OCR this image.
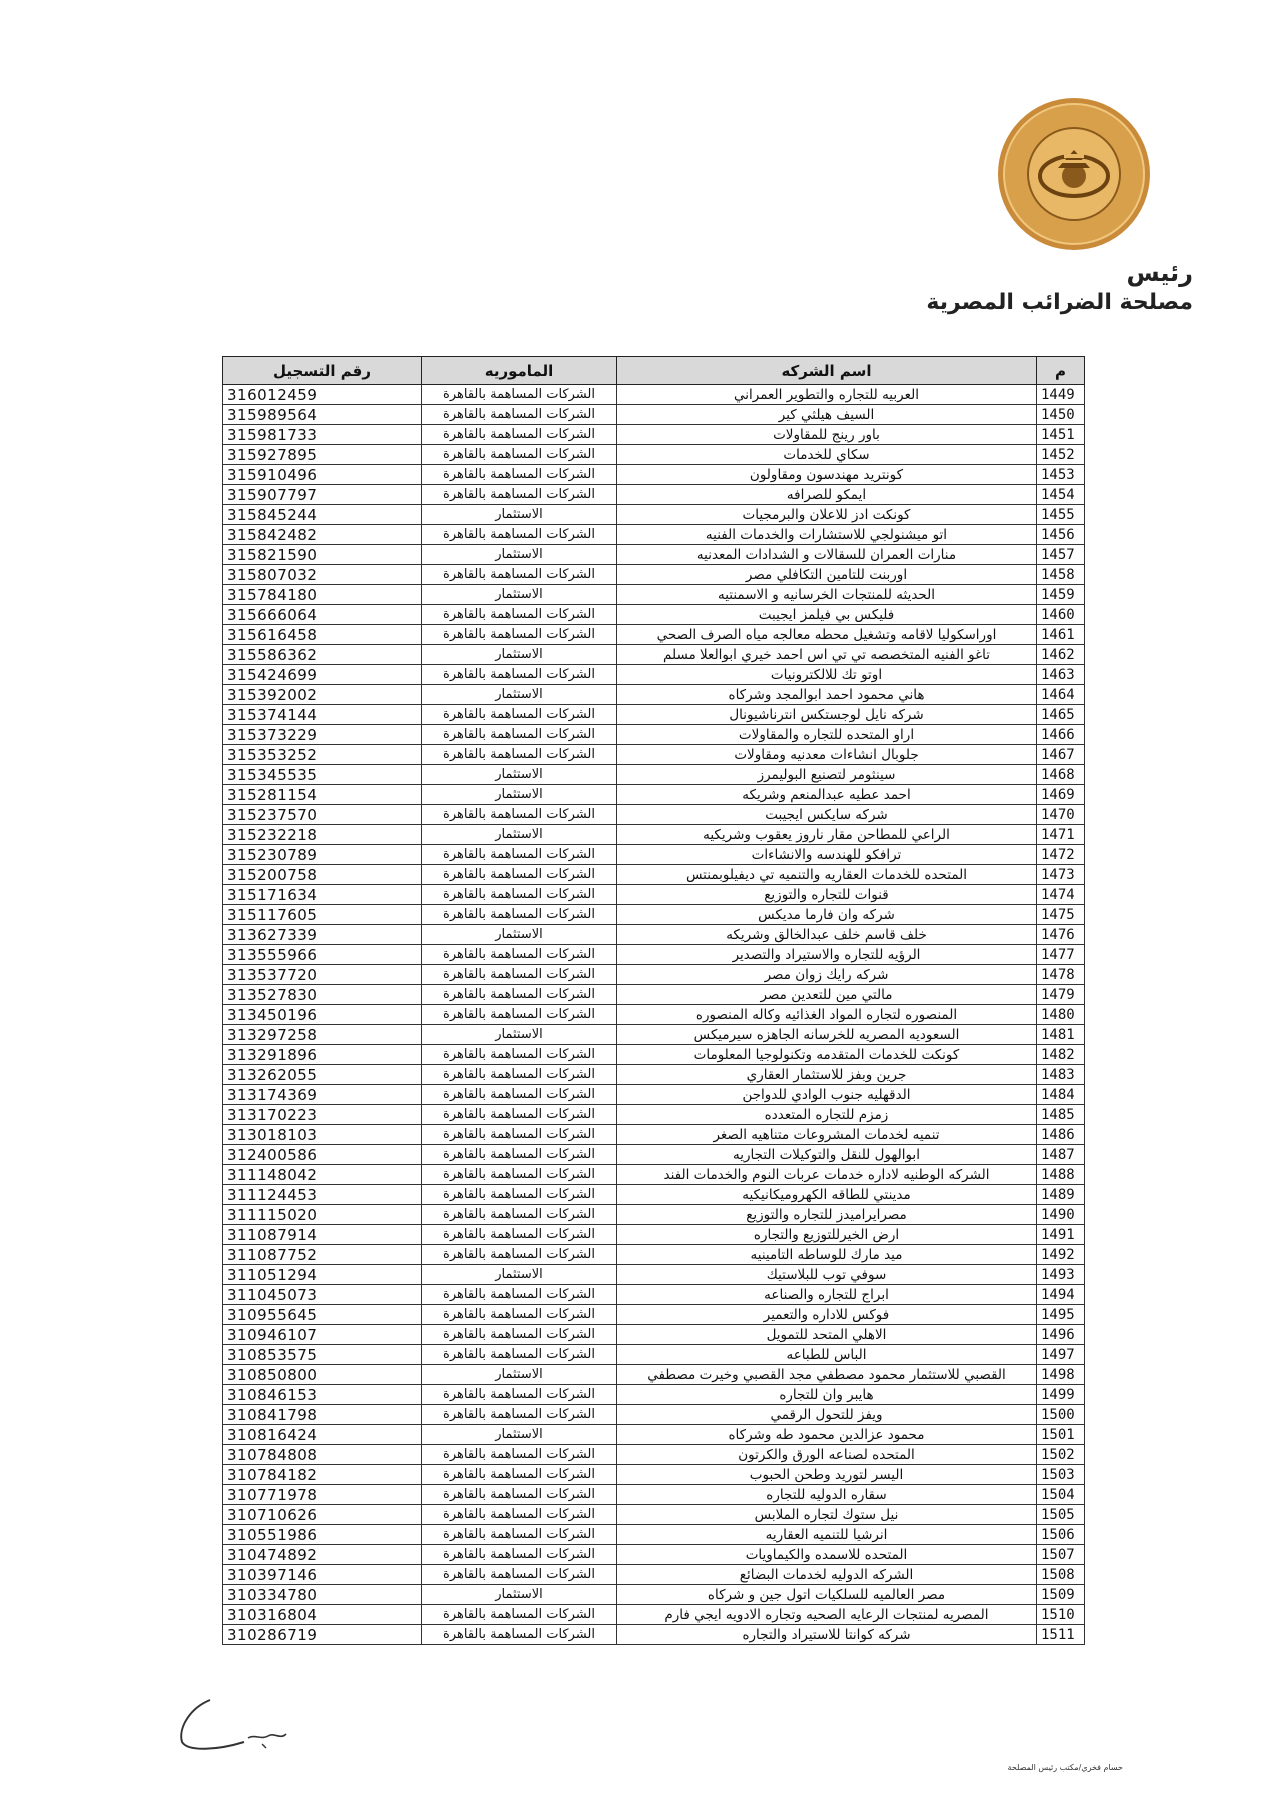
رئيس
مصلحة الضرائب المصرية
م	اسم الشركه	الماموريه	رقم التسجيل
1449	العربيه للتجاره والتطوير العمراني	الشركات المساهمة بالقاهرة	316012459
1450	السيف هيلثي كير	الشركات المساهمة بالقاهرة	315989564
1451	باور رينج للمقاولات	الشركات المساهمة بالقاهرة	315981733
1452	سكاي للخدمات	الشركات المساهمة بالقاهرة	315927895
1453	كونتريد مهندسون ومقاولون	الشركات المساهمة بالقاهرة	315910496
1454	ايمكو للصرافه	الشركات المساهمة بالقاهرة	315907797
1455	كونكت ادز للاعلان والبرمجيات	الاستثمار	315845244
1456	اتو ميشنولجي للاستشارات والخدمات الفنيه	الشركات المساهمة بالقاهرة	315842482
1457	منارات العمران للسقالات و الشدادات المعدنيه	الاستثمار	315821590
1458	اوربنت للتامين التكافلي مصر	الشركات المساهمة بالقاهرة	315807032
1459	الحديثه للمنتجات الخرسانيه و الاسمنتيه	الاستثمار	315784180
1460	فليكس بي فيلمز ايجيبت	الشركات المساهمة بالقاهرة	315666064
1461	اوراسكوليا لاقامه وتشغيل محطه معالجه مياه الصرف الصحي	الشركات المساهمة بالقاهرة	315616458
1462	تاغو الفنيه المتخصصه تي تي اس احمد خيري ابوالعلا مسلم	الاستثمار	315586362
1463	اوتو تك للالكترونيات	الشركات المساهمة بالقاهرة	315424699
1464	هاني محمود احمد ابوالمجد وشركاه	الاستثمار	315392002
1465	شركه نايل لوجستكس انترناشيونال	الشركات المساهمة بالقاهرة	315374144
1466	اراو المتحده للتجاره والمقاولات	الشركات المساهمة بالقاهرة	315373229
1467	جلوبال انشاءات معدنيه ومقاولات	الشركات المساهمة بالقاهرة	315353252
1468	سينثومر لتصنيع البوليمرز	الاستثمار	315345535
1469	احمد عطيه عبدالمنعم وشريكه	الاستثمار	315281154
1470	شركه سايكس ايجيبت	الشركات المساهمة بالقاهرة	315237570
1471	الراعي للمطاحن مقار ناروز يعقوب وشريكيه	الاستثمار	315232218
1472	ترافكو للهندسه والانشاءات	الشركات المساهمة بالقاهرة	315230789
1473	المتحده للخدمات العقاريه والتنميه تي ديفيلوبمنتس	الشركات المساهمة بالقاهرة	315200758
1474	قنوات للتجاره والتوزيع	الشركات المساهمة بالقاهرة	315171634
1475	شركه وان فارما مديكس	الشركات المساهمة بالقاهرة	315117605
1476	خلف قاسم خلف عبدالخالق وشريكه	الاستثمار	313627339
1477	الرؤيه للتجاره والاستيراد والتصدير	الشركات المساهمة بالقاهرة	313555966
1478	شركه رايك زوان مصر	الشركات المساهمة بالقاهرة	313537720
1479	مالتي مين للتعدين مصر	الشركات المساهمة بالقاهرة	313527830
1480	المنصوره لتجاره المواد الغذائيه وكاله المنصوره	الشركات المساهمة بالقاهرة	313450196
1481	السعوديه المصريه للخرسانه الجاهزه سيرميكس	الاستثمار	313297258
1482	كونكت للخدمات المتقدمه وتكنولوجيا المعلومات	الشركات المساهمة بالقاهرة	313291896
1483	جرين وبفز للاستثمار العقاري	الشركات المساهمة بالقاهرة	313262055
1484	الدقهليه جنوب الوادي للدواجن	الشركات المساهمة بالقاهرة	313174369
1485	زمزم للتجاره المتعدده	الشركات المساهمة بالقاهرة	313170223
1486	تنميه لخدمات المشروعات متناهيه الصغر	الشركات المساهمة بالقاهرة	313018103
1487	ابوالهول للنقل والتوكيلات التجاريه	الشركات المساهمة بالقاهرة	312400586
1488	الشركه الوطنيه لاداره خدمات عربات النوم والخدمات الفند	الشركات المساهمة بالقاهرة	311148042
1489	مدينتي للطاقه الكهروميكانيكيه	الشركات المساهمة بالقاهرة	311124453
1490	مصرايراميدز للتجاره والتوزيع	الشركات المساهمة بالقاهرة	311115020
1491	ارض الخيرللتوزيع والتجاره	الشركات المساهمة بالقاهرة	311087914
1492	ميد مارك للوساطه التامينيه	الشركات المساهمة بالقاهرة	311087752
1493	سوفي توب للبلاستيك	الاستثمار	311051294
1494	ابراج للتجاره والصناعه	الشركات المساهمة بالقاهرة	311045073
1495	فوكس للاداره والتعمير	الشركات المساهمة بالقاهرة	310955645
1496	الاهلي المتحد للتمويل	الشركات المساهمة بالقاهرة	310946107
1497	الباس للطباعه	الشركات المساهمة بالقاهرة	310853575
1498	القصبي للاستثمار محمود مصطفي مجد القصبي وخيرت مصطفي	الاستثمار	310850800
1499	هايبر وان للتجاره	الشركات المساهمة بالقاهرة	310846153
1500	ويفز للتحول الرقمي	الشركات المساهمة بالقاهرة	310841798
1501	محمود عزالدين محمود طه وشركاه	الاستثمار	310816424
1502	المتحده لصناعه الورق والكرتون	الشركات المساهمة بالقاهرة	310784808
1503	اليسر لتوريد وطحن الحبوب	الشركات المساهمة بالقاهرة	310784182
1504	سقاره الدوليه للتجاره	الشركات المساهمة بالقاهرة	310771978
1505	نيل ستوك لتجاره الملابس	الشركات المساهمة بالقاهرة	310710626
1506	انرشيا للتنميه العقاريه	الشركات المساهمة بالقاهرة	310551986
1507	المتحده للاسمده والكيماويات	الشركات المساهمة بالقاهرة	310474892
1508	الشركه الدوليه لخدمات البضائع	الشركات المساهمة بالقاهرة	310397146
1509	مصر العالميه للسلكيات اتول جين و شركاه	الاستثمار	310334780
1510	المصريه لمنتجات الرعايه الصحيه وتجاره الادويه ايجي فارم	الشركات المساهمة بالقاهرة	310316804
1511	شركه كوانتا للاستيراد والتجاره	الشركات المساهمة بالقاهرة	310286719
حسام فخري/مكتب رئيس المصلحة
